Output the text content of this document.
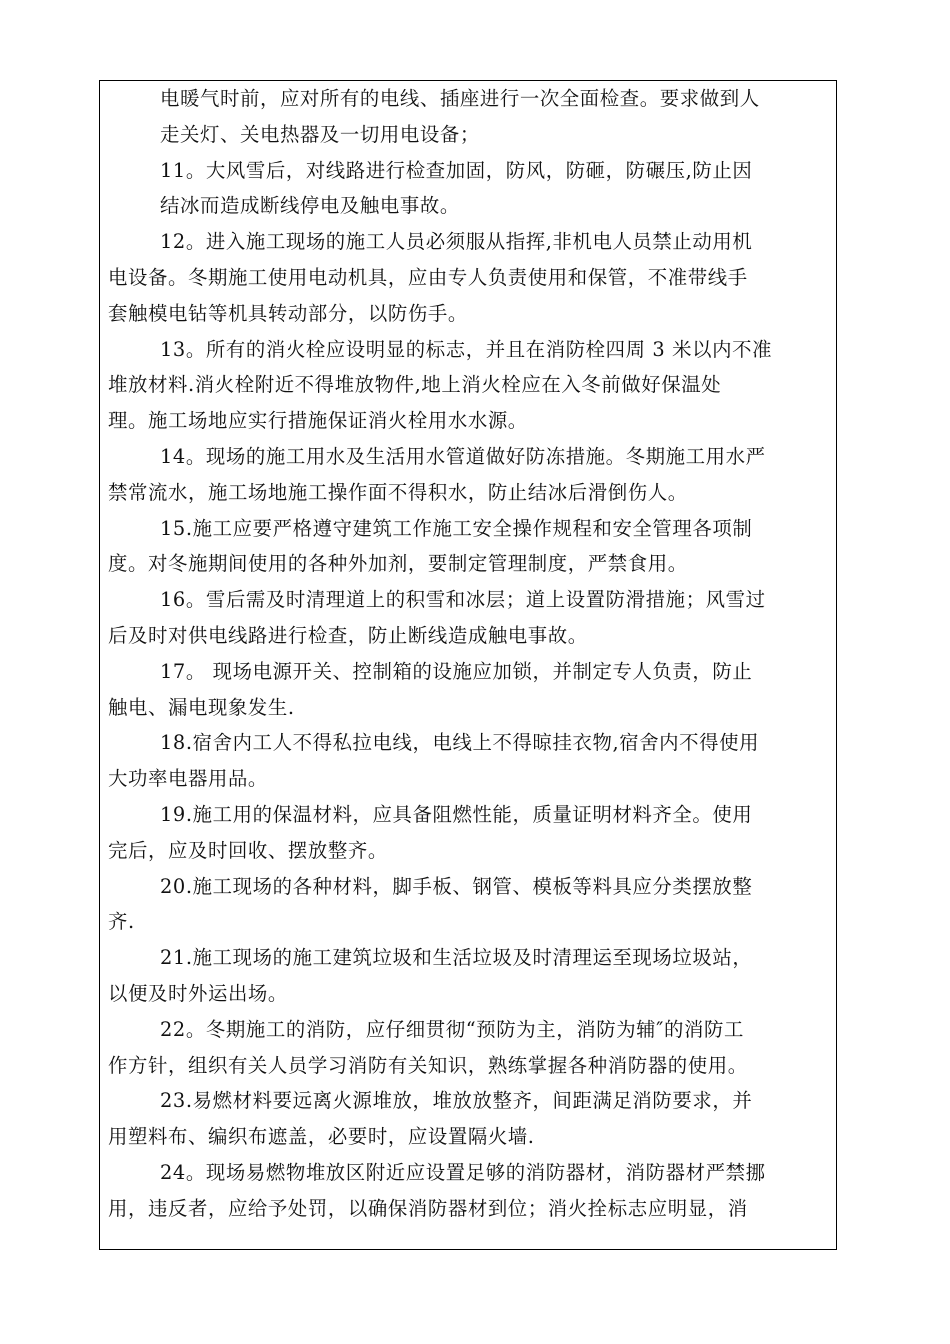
电暖气时前，应对所有的电线、插座进行一次全面检查。要求做到人
走关灯、关电热器及一切用电设备；
11。大风雪后，对线路进行检查加固，防风，防砸，防碾压,防止因
结冰而造成断线停电及触电事故。
12。进入施工现场的施工人员必须服从指挥,非机电人员禁止动用机
电设备。冬期施工使用电动机具，应由专人负责使用和保管，不准带线手
套触模电钻等机具转动部分，以防伤手。
13。所有的消火栓应设明显的标志，并且在消防栓四周 3 米以内不准
堆放材料.消火栓附近不得堆放物件,地上消火栓应在入冬前做好保温处
理。施工场地应实行措施保证消火栓用水水源。
14。现场的施工用水及生活用水管道做好防冻措施。冬期施工用水严
禁常流水，施工场地施工操作面不得积水，防止结冰后滑倒伤人。
15.施工应要严格遵守建筑工作施工安全操作规程和安全管理各项制
度。对冬施期间使用的各种外加剂，要制定管理制度，严禁食用。
16。雪后需及时清理道上的积雪和冰层；道上设置防滑措施；风雪过
后及时对供电线路进行检查，防止断线造成触电事故。
17。 现场电源开关、控制箱的设施应加锁，并制定专人负责，防止
触电、漏电现象发生.
18.宿舍内工人不得私拉电线，电线上不得晾挂衣物,宿舍内不得使用
大功率电器用品。
19.施工用的保温材料，应具备阻燃性能，质量证明材料齐全。使用
完后，应及时回收、摆放整齐。
20.施工现场的各种材料，脚手板、钢管、模板等料具应分类摆放整
齐.
21.施工现场的施工建筑垃圾和生活垃圾及时清理运至现场垃圾站，
以便及时外运出场。
22。冬期施工的消防，应仔细贯彻“预防为主，消防为辅″的消防工
作方针，组织有关人员学习消防有关知识，熟练掌握各种消防器的使用。
23.易燃材料要远离火源堆放，堆放放整齐，间距满足消防要求，并
用塑料布、编织布遮盖，必要时，应设置隔火墙.
24。现场易燃物堆放区附近应设置足够的消防器材，消防器材严禁挪
用，违反者，应给予处罚，以确保消防器材到位；消火拴标志应明显，消
